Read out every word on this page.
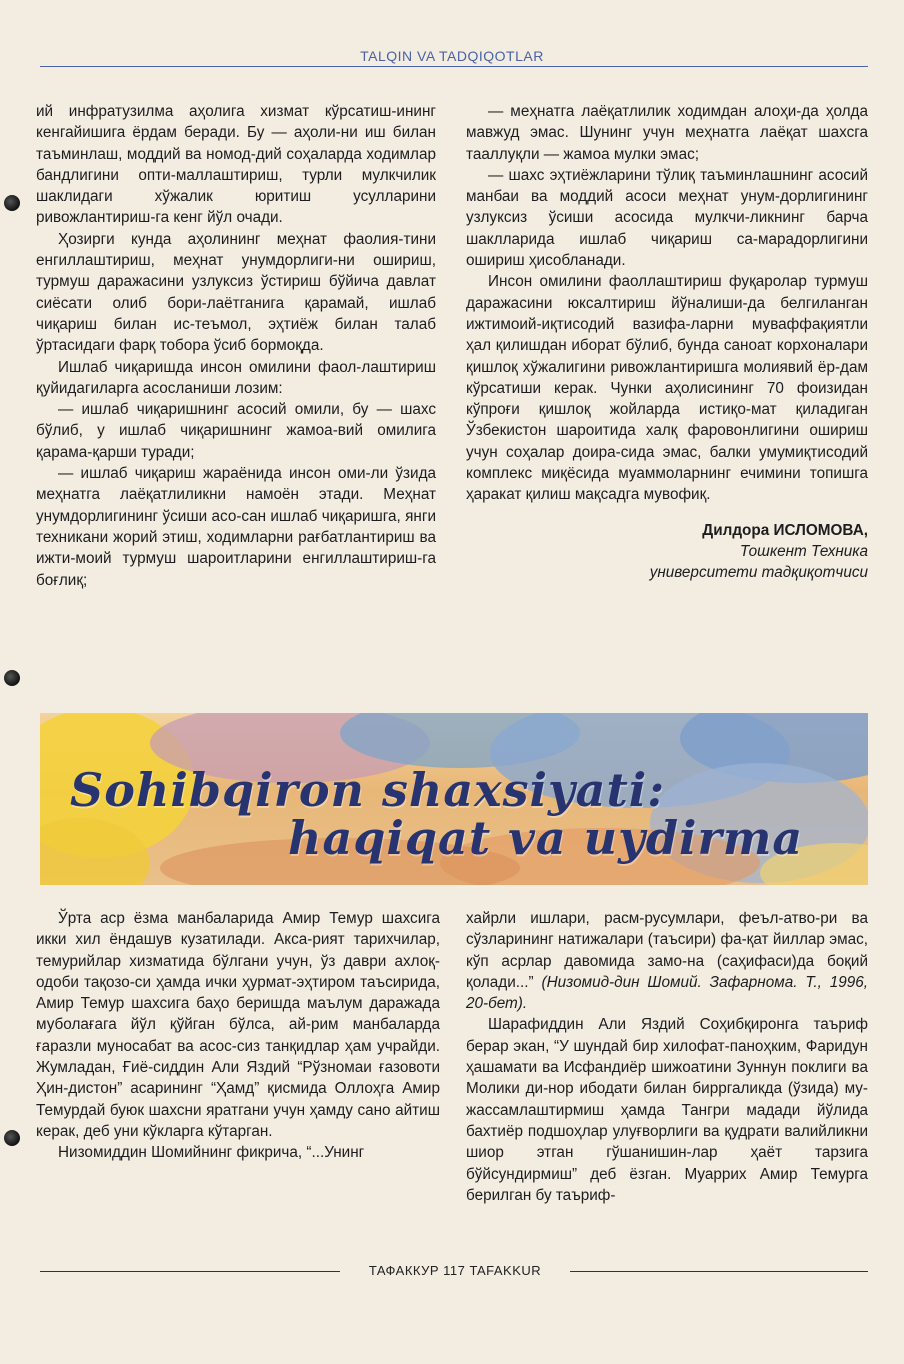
TALQIN VA TADQIQOTLAR

ий инфратузилма аҳолига хизмат кўрсатиш-ининг кенгайишига ёрдам беради. Бу — аҳоли-ни иш билан таъминлаш, моддий ва номод-дий соҳаларда ходимлар бандлигини опти-маллаштириш, турли мулкчилик шаклидаги хўжалик юритиш усулларини ривожлантириш-га кенг йўл очади.

Ҳозирги кунда аҳолининг меҳнат фаолия-тини енгиллаштириш, меҳнат унумдорлиги-ни ошириш, турмуш даражасини узлуксиз ўстириш бўйича давлат сиёсати олиб бори-лаётганига қарамай, ишлаб чиқариш билан ис-теъмол, эҳтиёж билан талаб ўртасидаги фарқ тобора ўсиб бормоқда.

Ишлаб чиқаришда инсон омилини фаол-лаштириш қуйидагиларга асосланиши лозим:

— ишлаб чиқаришнинг асосий омили, бу — шахс бўлиб, у ишлаб чиқаришнинг жамоа-вий омилига қарама-қарши туради;

— ишлаб чиқариш жараёнида инсон оми-ли ўзида меҳнатга лаёқатлиликни намоён этади. Меҳнат унумдорлигининг ўсиши асо-сан ишлаб чиқаришга, янги техникани жорий этиш, ходимларни рағбатлантириш ва ижти-моий турмуш шароитларини енгиллаштириш-га боғлиқ;

— меҳнатга лаёқатлилик ходимдан алоҳи-да ҳолда мавжуд эмас. Шунинг учун меҳнатга лаёқат шахсга тааллуқли — жамоа мулки эмас;

— шахс эҳтиёжларини тўлиқ таъминлашнинг асосий манбаи ва моддий асоси меҳнат унум-дорлигининг узлуксиз ўсиши асосида мулкчи-ликнинг барча шаклларида ишлаб чиқариш са-марадорлигини ошириш ҳисобланади.

Инсон омилини фаоллаштириш фуқаролар турмуш даражасини юксалтириш йўналиши-да белгиланган ижтимоий-иқтисодий вазифа-ларни муваффақиятли ҳал қилишдан иборат бўлиб, бунда саноат корхоналари қишлоқ хўжалигини ривожлантиришга молиявий ёр-дам кўрсатиши керак. Чунки аҳолисининг 70 фоизидан кўпроғи қишлоқ жойларда истиқо-мат қиладиган Ўзбекистон шароитида халқ фаровонлигини ошириш учун соҳалар доира-сида эмас, балки умумиқтисодий комплекс миқёсида муаммоларнинг ечимини топишга ҳаракат қилиш мақсадга мувофиқ.

Дилдора ИСЛОМОВА,
Тошкент Техника
университети тадқиқотчиси
Sohibqiron shaxsiyati:
haqiqat va uydirma

Ўрта аср ёзма манбаларида Амир Темур шахсига икки хил ёндашув кузатилади. Акса-рият тарихчилар, темурийлар хизматида бўлгани учун, ўз даври ахлоқ-одоби тақозо-си ҳамда ички ҳурмат-эҳтиром таъсирида, Амир Темур шахсига баҳо беришда маълум даражада муболағага йўл қўйган бўлса, ай-рим манбаларда ғаразли муносабат ва асос-сиз танқидлар ҳам учрайди. Жумладан, Ғиё-сиддин Али Яздий “Рўзномаи ғазовоти Ҳин-дистон” асарининг “Ҳамд” қисмида Оллоҳга Амир Темурдай буюк шахсни яратгани учун ҳамду сано айтиш керак, деб уни кўкларга кўтарган.

Низомиддин Шомийнинг фикрича, “...Унинг

хайрли ишлари, расм-русумлари, феъл-атво-ри ва сўзларининг натижалари (таъсири) фа-қат йиллар эмас, кўп асрлар давомида замо-на (саҳифаси)да боқий қолади...” (Низомид-дин Шомий. Зафарнома. Т., 1996, 20-бет).

Шарафиддин Али Яздий Соҳибқиронга таъриф берар экан, “У шундай бир хилофат-паноҳким, Фаридун ҳашамати ва Исфандиёр шижоатини Зуннун поклиги ва Молики ди-нор ибодати билан бирргаликда (ўзида) му-жассамлаштирмиш ҳамда Тангри мадади йўлида бахтиёр подшоҳлар улуғворлиги ва қудрати валийликни шиор этган гўшанишин-лар ҳаёт тарзига бўйсундирмиш” деб ёзган. Муаррих Амир Темурга берилган бу таъриф-

ТАФАККУР 117 TAFAKKUR
